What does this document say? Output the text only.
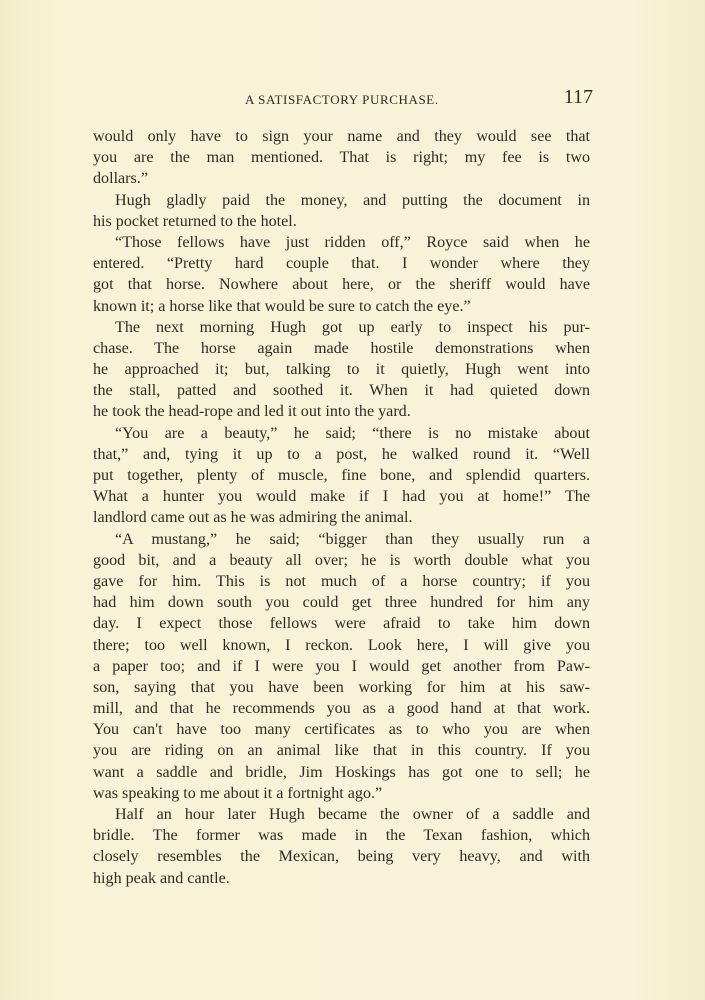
A SATISFACTORY PURCHASE.	117
would only have to sign your name and they would see that
you are the man mentioned. That is right; my fee is two
dollars.”
Hugh gladly paid the money, and putting the document in
his pocket returned to the hotel.
“Those fellows have just ridden off,” Royce said when he
entered. “Pretty hard couple that. I wonder where they
got that horse. Nowhere about here, or the sheriff would have
known it; a horse like that would be sure to catch the eye.”
The next morning Hugh got up early to inspect his pur-
chase. The horse again made hostile demonstrations when
he approached it; but, talking to it quietly, Hugh went into
the stall, patted and soothed it. When it had quieted down
he took the head-rope and led it out into the yard.
“You are a beauty,” he said; “there is no mistake about
that,” and, tying it up to a post, he walked round it. “Well
put together, plenty of muscle, fine bone, and splendid quarters.
What a hunter you would make if I had you at home!” The
landlord came out as he was admiring the animal.
“A mustang,” he said; “bigger than they usually run a
good bit, and a beauty all over; he is worth double what you
gave for him. This is not much of a horse country; if you
had him down south you could get three hundred for him any
day. I expect those fellows were afraid to take him down
there; too well known, I reckon. Look here, I will give you
a paper too; and if I were you I would get another from Paw-
son, saying that you have been working for him at his saw-
mill, and that he recommends you as a good hand at that work.
You can't have too many certificates as to who you are when
you are riding on an animal like that in this country. If you
want a saddle and bridle, Jim Hoskings has got one to sell; he
was speaking to me about it a fortnight ago.”
Half an hour later Hugh became the owner of a saddle and
bridle. The former was made in the Texan fashion, which
closely resembles the Mexican, being very heavy, and with
high peak and cantle.
